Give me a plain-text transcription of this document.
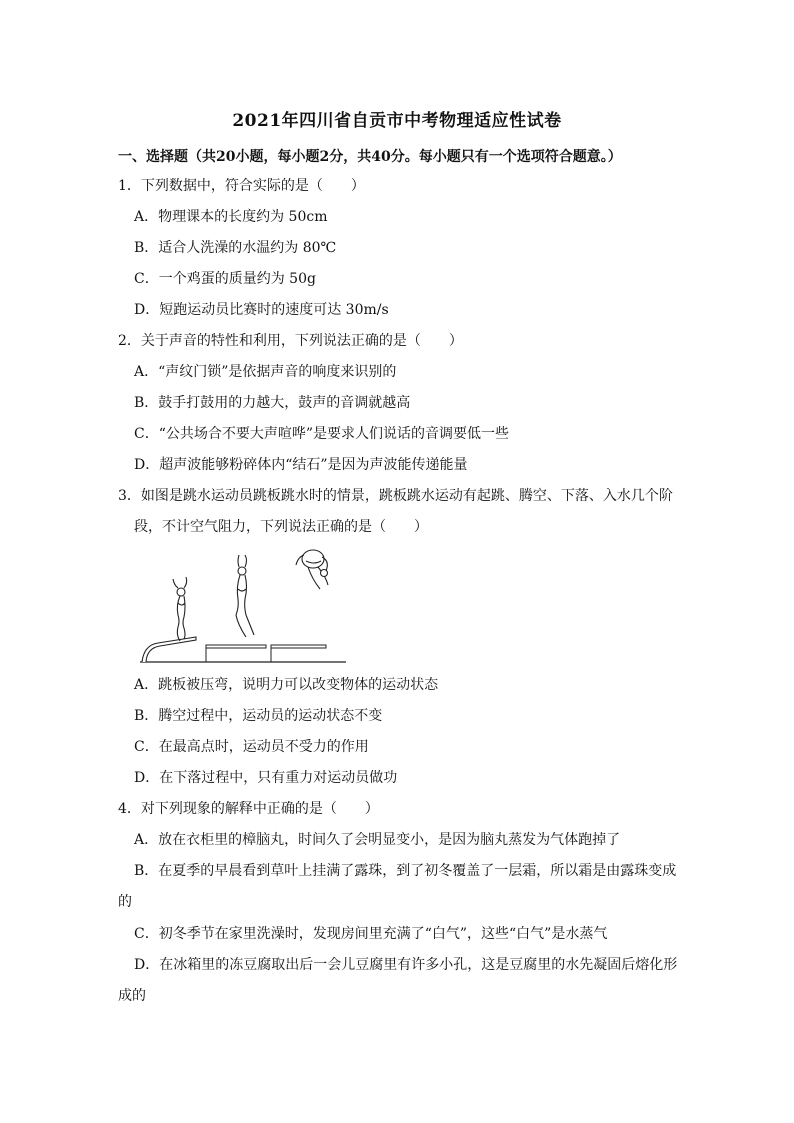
2021年四川省自贡市中考物理适应性试卷
一、选择题（共20小题，每小题2分，共40分。每小题只有一个选项符合题意。）
1．下列数据中，符合实际的是（　　）
A．物理课本的长度约为 50cm
B．适合人洗澡的水温约为 80℃
C．一个鸡蛋的质量约为 50g
D．短跑运动员比赛时的速度可达 30m/s
2．关于声音的特性和利用，下列说法正确的是（　　）
A．“声纹门锁”是依据声音的响度来识别的
B．鼓手打鼓用的力越大，鼓声的音调就越高
C．“公共场合不要大声喧哗”是要求人们说话的音调要低一些
D．超声波能够粉碎体内“结石”是因为声波能传递能量
3．如图是跳水运动员跳板跳水时的情景，跳板跳水运动有起跳、腾空、下落、入水几个阶
段，不计空气阻力，下列说法正确的是（　　）
A．跳板被压弯，说明力可以改变物体的运动状态
B．腾空过程中，运动员的运动状态不变
C．在最高点时，运动员不受力的作用
D．在下落过程中，只有重力对运动员做功
4．对下列现象的解释中正确的是（　　）
A．放在衣柜里的樟脑丸，时间久了会明显变小，是因为脑丸蒸发为气体跑掉了
B．在夏季的早晨看到草叶上挂满了露珠，到了初冬覆盖了一层霜，所以霜是由露珠变成
的
C．初冬季节在家里洗澡时，发现房间里充满了“白气”，这些“白气”是水蒸气
D．在冰箱里的冻豆腐取出后一会儿豆腐里有许多小孔，这是豆腐里的水先凝固后熔化形
成的
